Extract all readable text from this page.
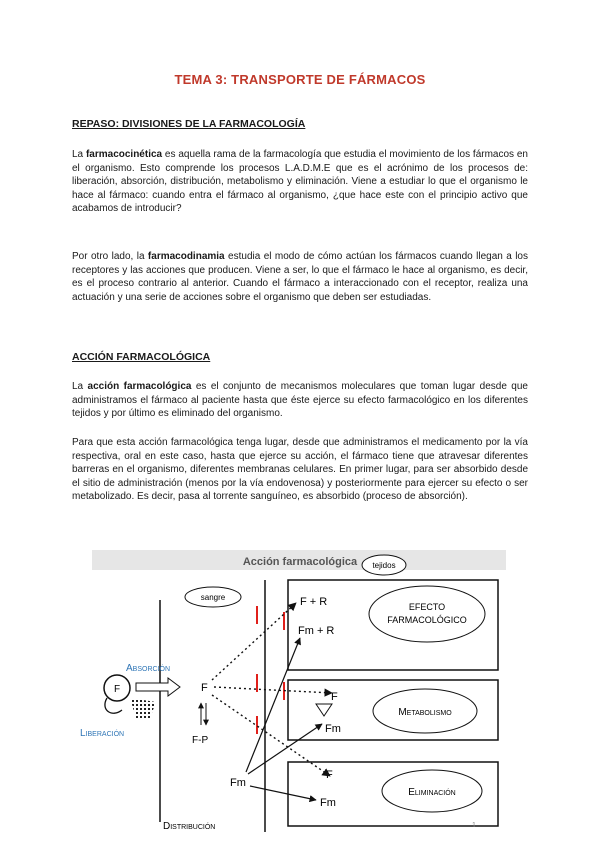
TEMA 3: TRANSPORTE DE FÁRMACOS
REPASO: DIVISIONES DE LA FARMACOLOGÍA

La farmacocinética es aquella rama de la farmacología que estudia el movimiento de los fármacos en el organismo. Esto comprende los procesos L.A.D.M.E que es el acrónimo de los procesos de: liberación, absorción, distribución, metabolismo y eliminación. Viene a estudiar lo que el organismo le hace al fármaco: cuando entra el fármaco al organismo, ¿que hace este con el principio activo que acabamos de introducir?

Por otro lado, la farmacodinamia estudia el modo de cómo actúan los fármacos cuando llegan a los receptores y las acciones que producen. Viene a ser, lo que el fármaco le hace al organismo, es decir, es el proceso contrario al anterior. Cuando el fármaco a interaccionado con el receptor, realiza una actuación y una serie de acciones sobre el organismo que deben ser estudiadas.

ACCIÓN FARMACOLÓGICA

La acción farmacológica es el conjunto de mecanismos moleculares que toman lugar desde que administramos el fármaco al paciente hasta que éste ejerce su efecto farmacológico en los diferentes tejidos y por último es eliminado del organismo.

Para que esta acción farmacológica tenga lugar, desde que administramos el medicamento por la vía respectiva, oral en este caso, hasta que ejerce su acción, el fármaco tiene que atravesar diferentes barreras en el organismo, diferentes membranas celulares. En primer lugar, para ser absorbido desde el sitio de administración (menos por la vía endovenosa) y posteriormente para ejercer su efecto o ser metabolizado. Es decir, pasa al torrente sanguíneo, es absorbido (proceso de absorción).

Acción farmacológica tejidos
sangre	F + R
Fm + R
EFECTO
FARMACOLÓGICO
F
Fm
Metabolismo
F
Fm
Eliminación
F
Absorción
Liberación
Distribución
F
F-P
Fm
1
